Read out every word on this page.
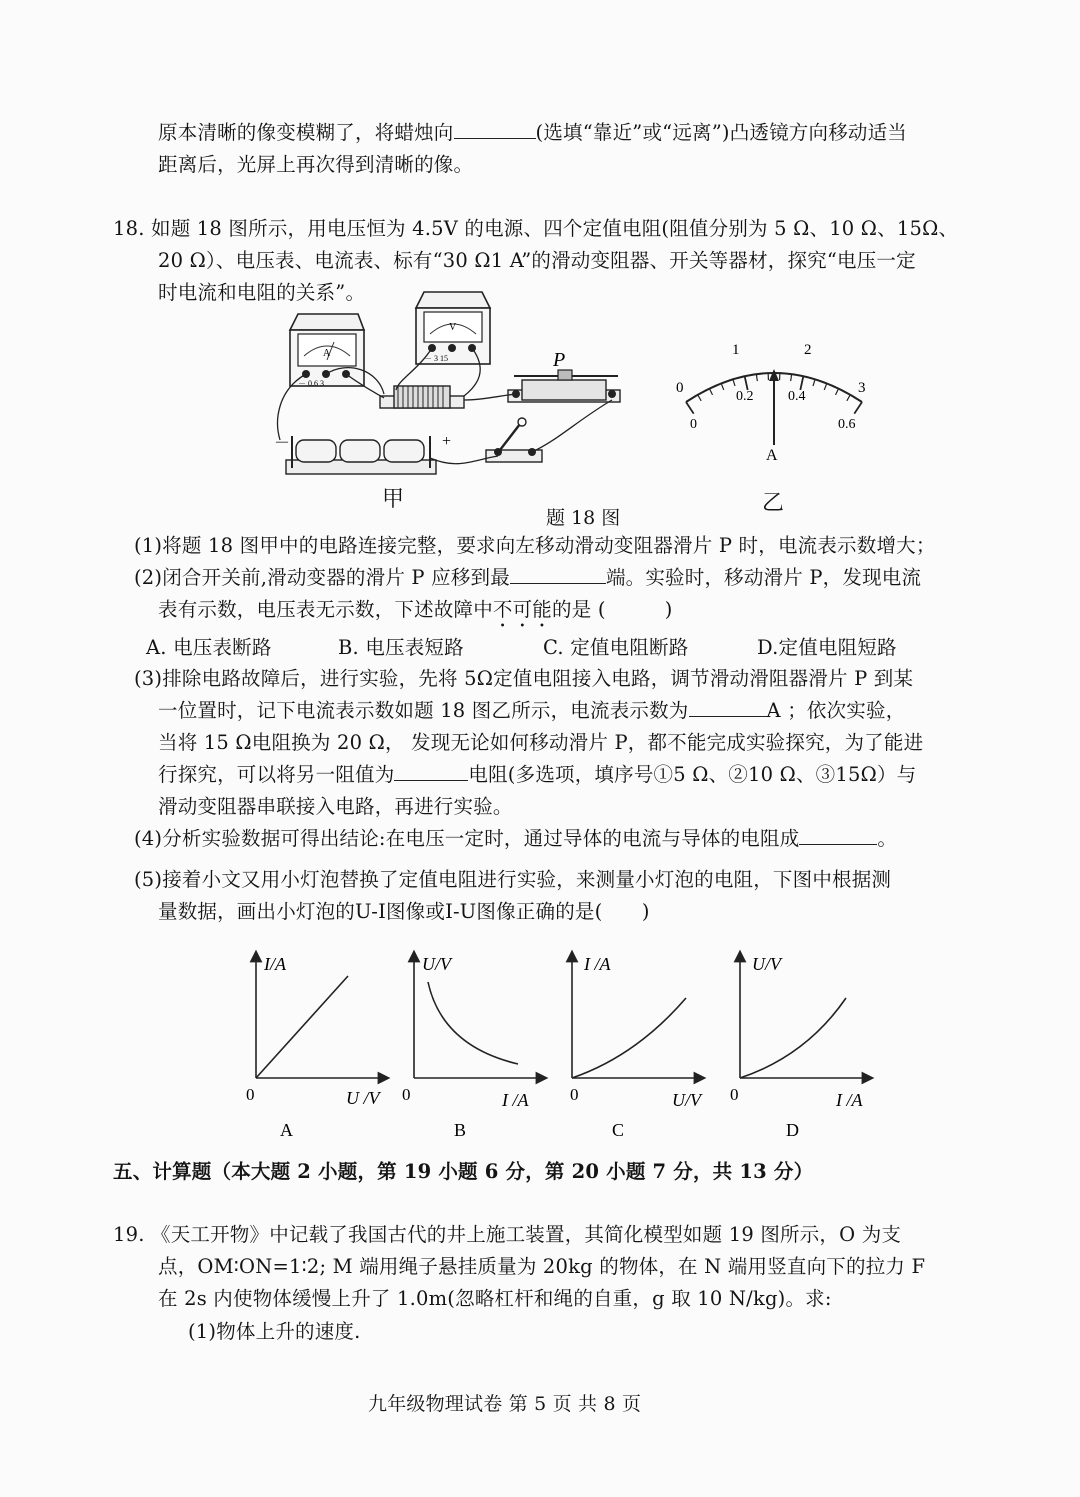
原本清晰的像变模糊了，将蜡烛向	(选填“靠近”或“远离”)凸透镜方向移动适当
距离后，光屏上再次得到清晰的像。
18. 如题 18 图所示，用电压恒为 4.5V 的电源、四个定值电阻(阻值分别为 5 Ω、10 Ω、15Ω、
20 Ω）、电压表、电流表、标有“30 Ω1 A”的滑动变阻器、开关等器材，探究“电压一定
时电流和电阻的关系”。
A
－ 0.6 3
V
－ 3 15	P
－	+
甲
0
1	2
3
0
0.2 0.4
0.6
A
题 18 图
乙
(1)将题 18 图甲中的电路连接完整，要求向左移动滑动变阻器滑片 P 时，电流表示数增大；
(2)闭合开关前,滑动变器的滑片 P 应移到最	端。实验时，移动滑片 P，发现电流
表有示数，电压表无示数，下述故障中不可能的是 (　　　)
A. 电压表断路	B. 电压表短路	C. 定值电阻断路	D.定值电阻短路
(3)排除电路故障后，进行实验，先将 5Ω定值电阻接入电路，调节滑动滑阻器滑片 P 到某
一位置时，记下电流表示数如题 18 图乙所示，电流表示数为	A ；依次实验，
当将 15 Ω电阻换为 20 Ω， 发现无论如何移动滑片 P，都不能完成实验探究，为了能进
行探究，可以将另一阻值为	电阻(多选项，填序号①5 Ω、②10 Ω、③15Ω）与
滑动变阻器串联接入电路，再进行实验。
(4)分析实验数据可得出结论:在电压一定时，通过导体的电流与导体的电阻成	。
(5)接着小文又用小灯泡替换了定值电阻进行实验，来测量小灯泡的电阻，下图中根据测
量数据，画出小灯泡的U-I图像或I-U图像正确的是(　　)
I/A
U /V
0
A
U/V
I /A
0
B
I /A
U/V
0
C
U/V
I /A
0
D
五、计算题（本大题 2 小题，第 19 小题 6 分，第 20 小题 7 分，共 13 分）
19. 《天工开物》中记载了我国古代的井上施工装置，其简化模型如题 19 图所示，O 为支
点，OM∶ON=1∶2; M 端用绳子悬挂质量为 20kg 的物体，在 N 端用竖直向下的拉力 F
在 2s 内使物体缓慢上升了 1.0m(忽略杠杆和绳的自重，g 取 10 N/kg)。求:
(1)物体上升的速度.
九年级物理试卷 第 5 页 共 8 页
